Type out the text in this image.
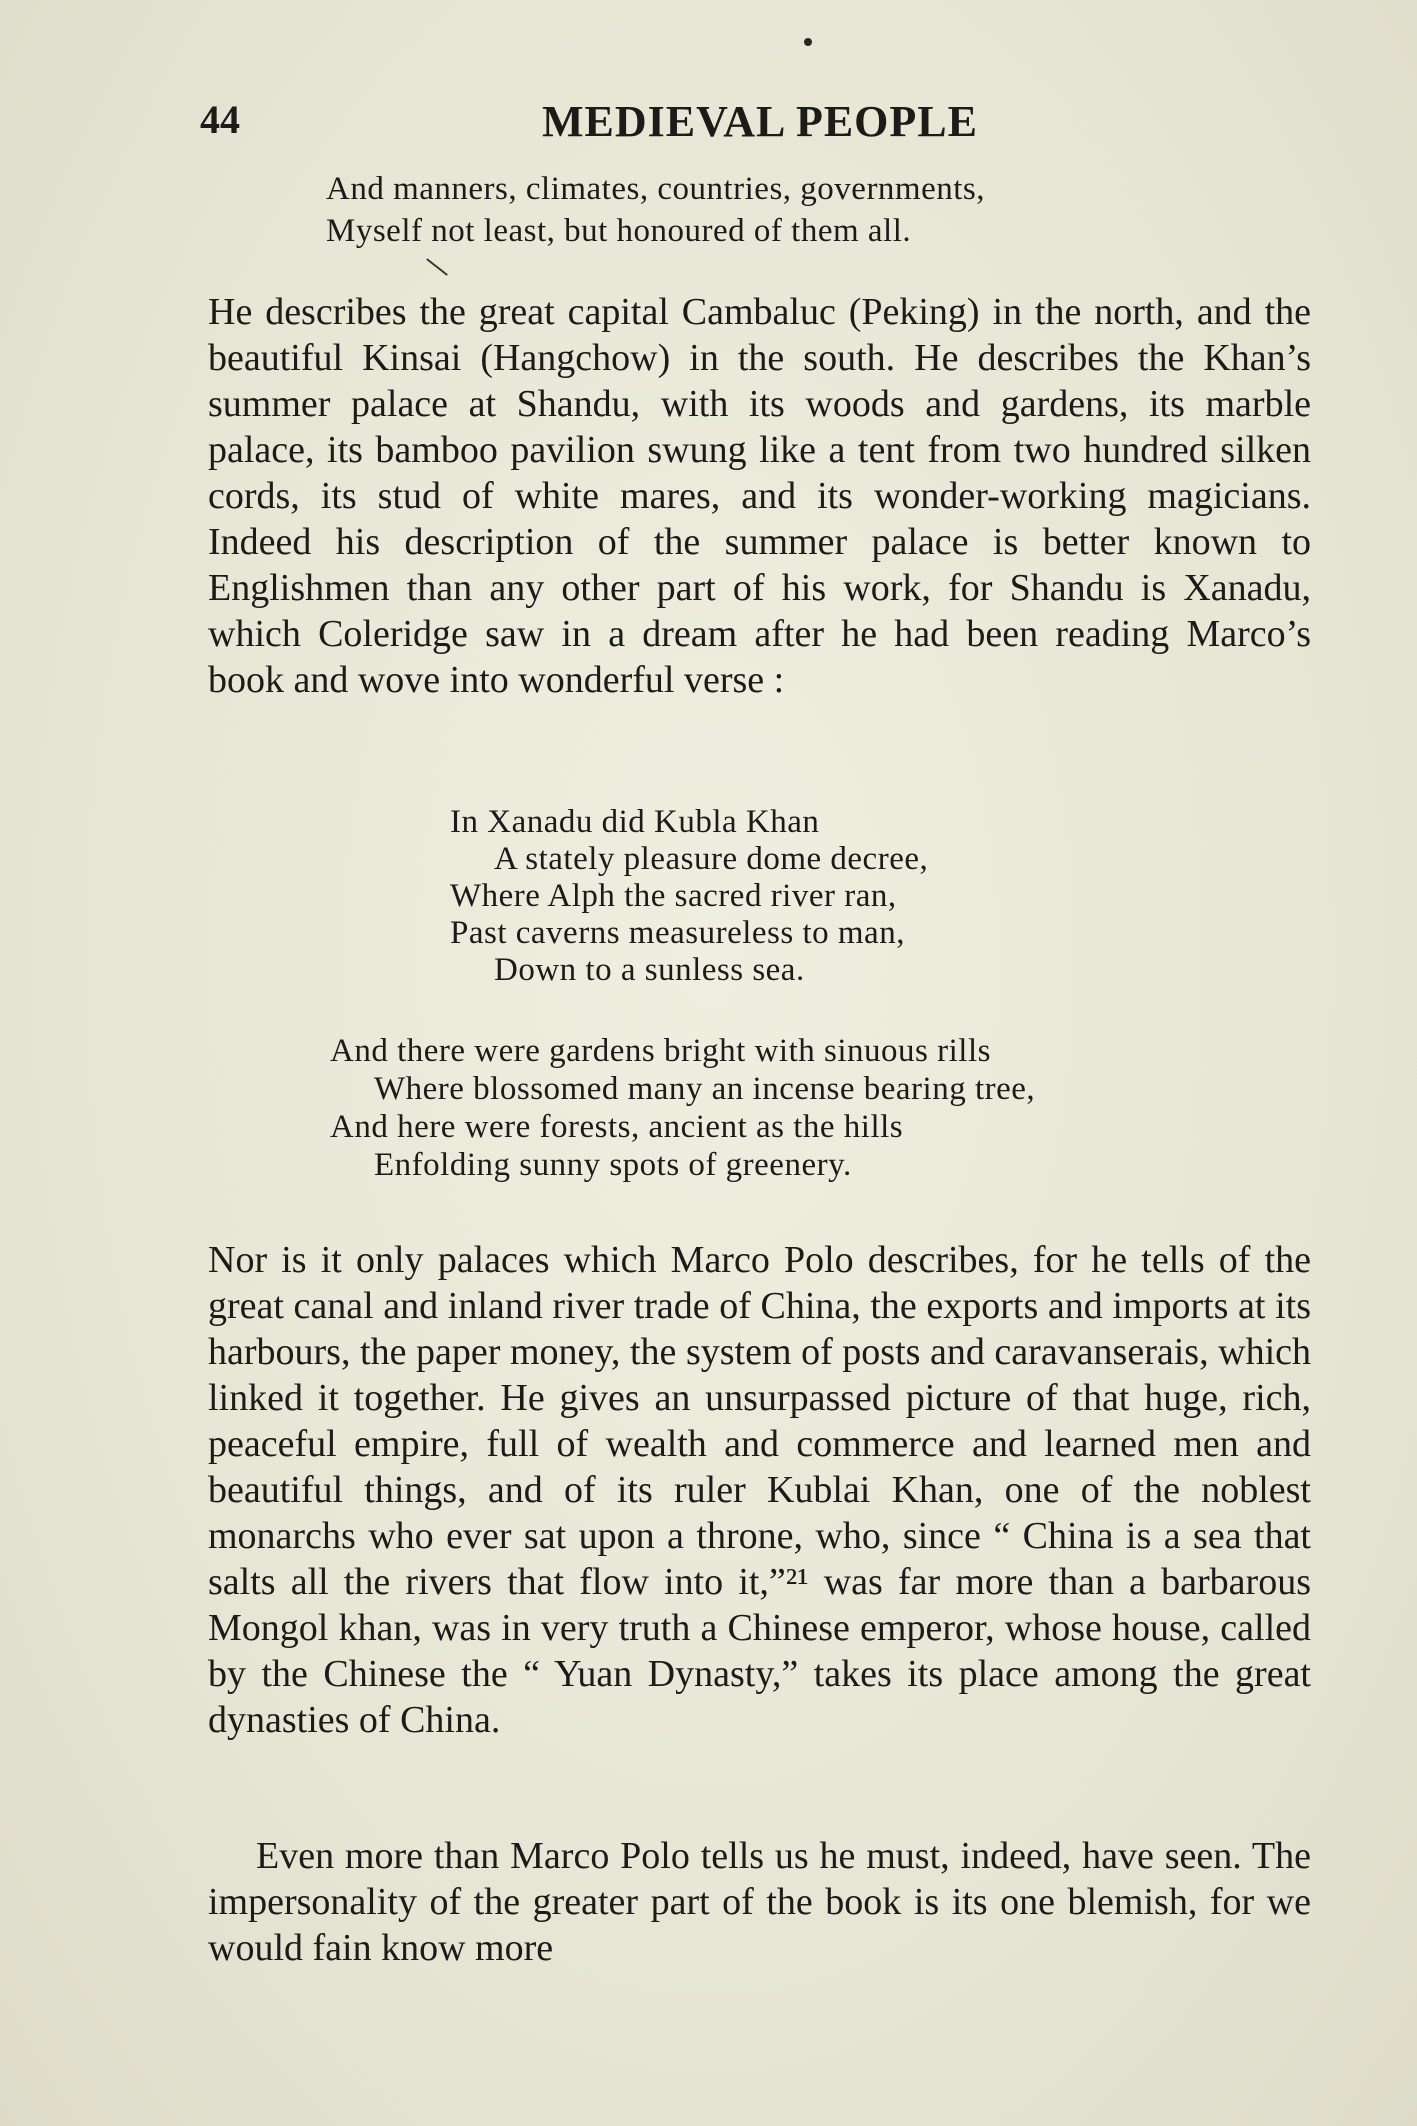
44	MEDIEVAL PEOPLE
And manners, climates, countries, governments,
Myself not least, but honoured of them all.

He describes the great capital Cambaluc (Peking) in the north, and the beautiful Kinsai (Hangchow) in the south. He describes the Khan’s summer palace at Shandu, with its woods and gardens, its marble palace, its bamboo pavilion swung like a tent from two hundred silken cords, its stud of white mares, and its wonder-working magicians. Indeed his description of the summer palace is better known to Englishmen than any other part of his work, for Shandu is Xanadu, which Coleridge saw in a dream after he had been reading Marco’s book and wove into wonderful verse :

In Xanadu did Kubla Khan
A stately pleasure dome decree,
Where Alph the sacred river ran,
Past caverns measureless to man,
Down to a sunless sea.
And there were gardens bright with sinuous rills
Where blossomed many an incense bearing tree,
And here were forests, ancient as the hills
Enfolding sunny spots of greenery.

Nor is it only palaces which Marco Polo describes, for he tells of the great canal and inland river trade of China, the exports and imports at its harbours, the paper money, the system of posts and caravanserais, which linked it together. He gives an unsurpassed picture of that huge, rich, peaceful empire, full of wealth and commerce and learned men and beautiful things, and of its ruler Kublai Khan, one of the noblest monarchs who ever sat upon a throne, who, since “ China is a sea that salts all the rivers that flow into it,”²¹ was far more than a barbarous Mongol khan, was in very truth a Chinese emperor, whose house, called by the Chinese the “ Yuan Dynasty,” takes its place among the great dynasties of China.

Even more than Marco Polo tells us he must, indeed, have seen. The impersonality of the greater part of the book is its one blemish, for we would fain know more
